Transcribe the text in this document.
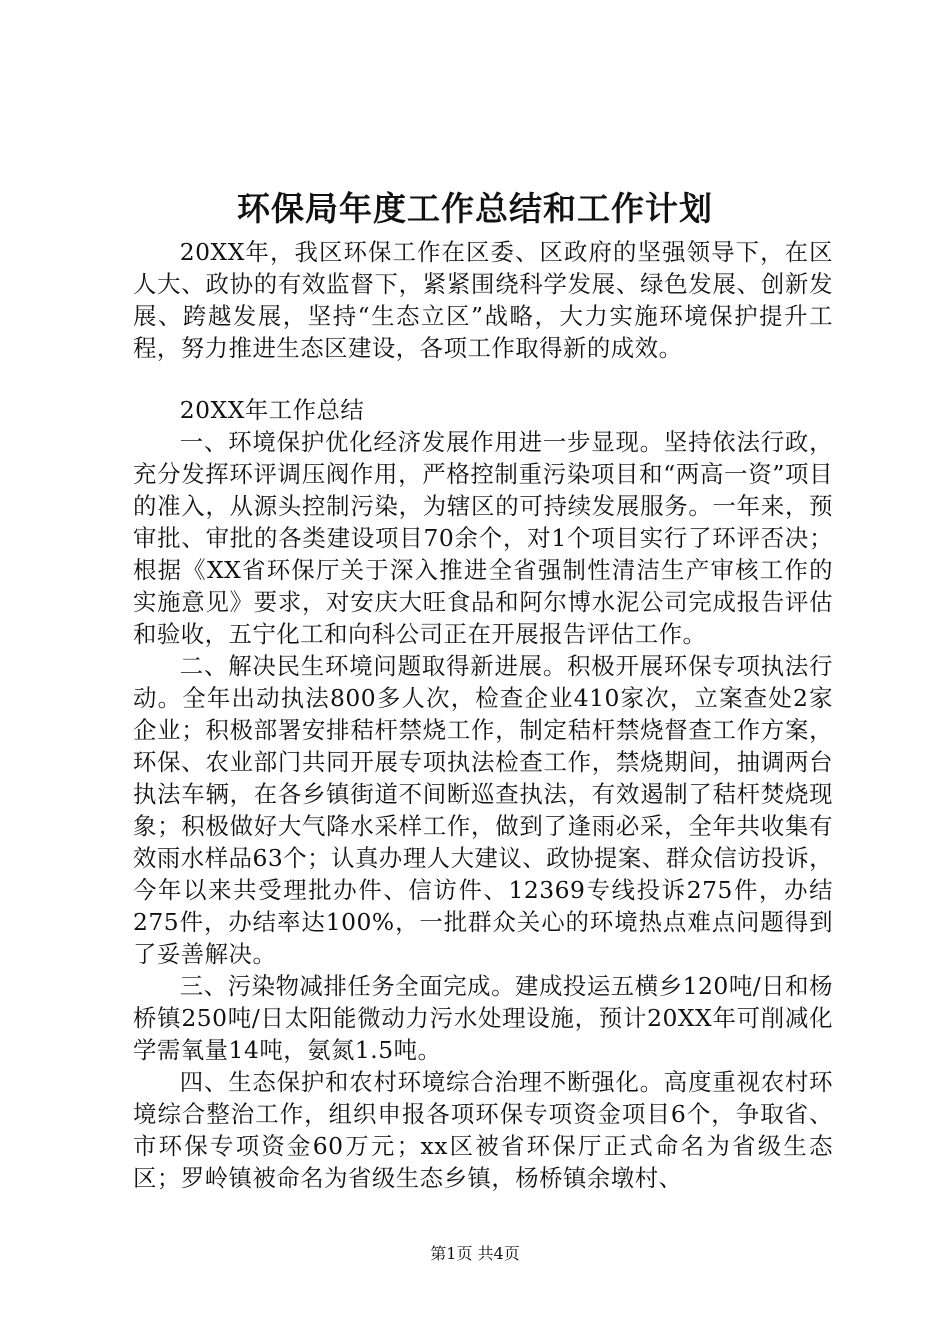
环保局年度工作总结和工作计划

20XX年，我区环保工作在区委、区政府的坚强领导下，在区人大、政协的有效监督下，紧紧围绕科学发展、绿色发展、创新发展、跨越发展，坚持“生态立区”战略，大力实施环境保护提升工程，努力推进生态区建设，各项工作取得新的成效。

20XX年工作总结

一、环境保护优化经济发展作用进一步显现。坚持依法行政，充分发挥环评调压阀作用，严格控制重污染项目和“两高一资”项目的准入，从源头控制污染，为辖区的可持续发展服务。一年来，预审批、审批的各类建设项目70余个，对1个项目实行了环评否决；根据《XX省环保厅关于深入推进全省强制性清洁生产审核工作的实施意见》要求，对安庆大旺食品和阿尔博水泥公司完成报告评估和验收，五宁化工和向科公司正在开展报告评估工作。

二、解决民生环境问题取得新进展。积极开展环保专项执法行动。全年出动执法800多人次，检查企业410家次，立案查处2家企业；积极部署安排秸杆禁烧工作，制定秸杆禁烧督查工作方案，环保、农业部门共同开展专项执法检查工作，禁烧期间，抽调两台执法车辆，在各乡镇街道不间断巡查执法，有效遏制了秸杆焚烧现象；积极做好大气降水采样工作，做到了逢雨必采，全年共收集有效雨水样品63个；认真办理人大建议、政协提案、群众信访投诉，今年以来共受理批办件、信访件、12369专线投诉275件，办结275件，办结率达100%，一批群众关心的环境热点难点问题得到了妥善解决。

三、污染物减排任务全面完成。建成投运五横乡120吨/日和杨桥镇250吨/日太阳能微动力污水处理设施，预计20XX年可削减化学需氧量14吨，氨氮1.5吨。

四、生态保护和农村环境综合治理不断强化。高度重视农村环境综合整治工作，组织申报各项环保专项资金项目6个，争取省、市环保专项资金60万元；xx区被省环保厅正式命名为省级生态区；罗岭镇被命名为省级生态乡镇，杨桥镇余墩村、

第1页 共4页
